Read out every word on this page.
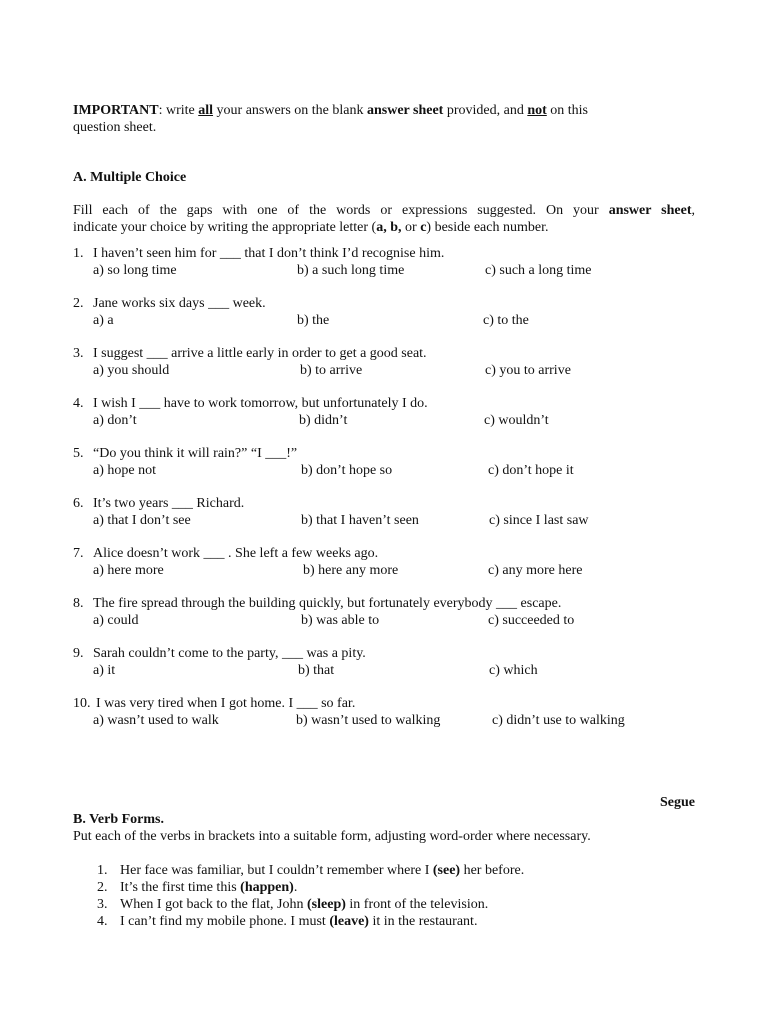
IMPORTANT: write all your answers on the blank answer sheet provided, and not on this
question sheet.
A. Multiple Choice
Fill each of the gaps with one of the words or expressions suggested. On your answer sheet,
indicate your choice by writing the appropriate letter (a, b, or c) beside each number.
1. I haven’t seen him for ___ that I don’t think I’d recognise him.
a) so long time	b) a such long time	c) such a long time
2. Jane works six days ___ week.
a) a	b) the	c) to the
3. I suggest ___ arrive a little early in order to get a good seat.
a) you should	b) to arrive	c) you to arrive
4. I wish I ___ have to work tomorrow, but unfortunately I do.
a) don’t	b) didn’t	c) wouldn’t
5. “Do you think it will rain?” “I ___!”
a) hope not	b) don’t hope so	c) don’t hope it
6. It’s two years ___ Richard.
a) that I don’t see	b) that I haven’t seen	c) since I last saw
7. Alice doesn’t work ___ . She left a few weeks ago.
a) here more	b) here any more	c) any more here
8. The fire spread through the building quickly, but fortunately everybody ___ escape.
a) could	b) was able to	c) succeeded to
9. Sarah couldn’t come to the party, ___ was a pity.
a) it	b) that	c) which
10. I was very tired when I got home. I ___ so far.
a) wasn’t used to walk	b) wasn’t used to walking	c) didn’t use to walking
Segue
B. Verb Forms.
Put each of the verbs in brackets into a suitable form, adjusting word-order where necessary.
1. Her face was familiar, but I couldn’t remember where I (see) her before.
2. It’s the first time this (happen).
3. When I got back to the flat, John (sleep) in front of the television.
4. I can’t find my mobile phone. I must (leave) it in the restaurant.
